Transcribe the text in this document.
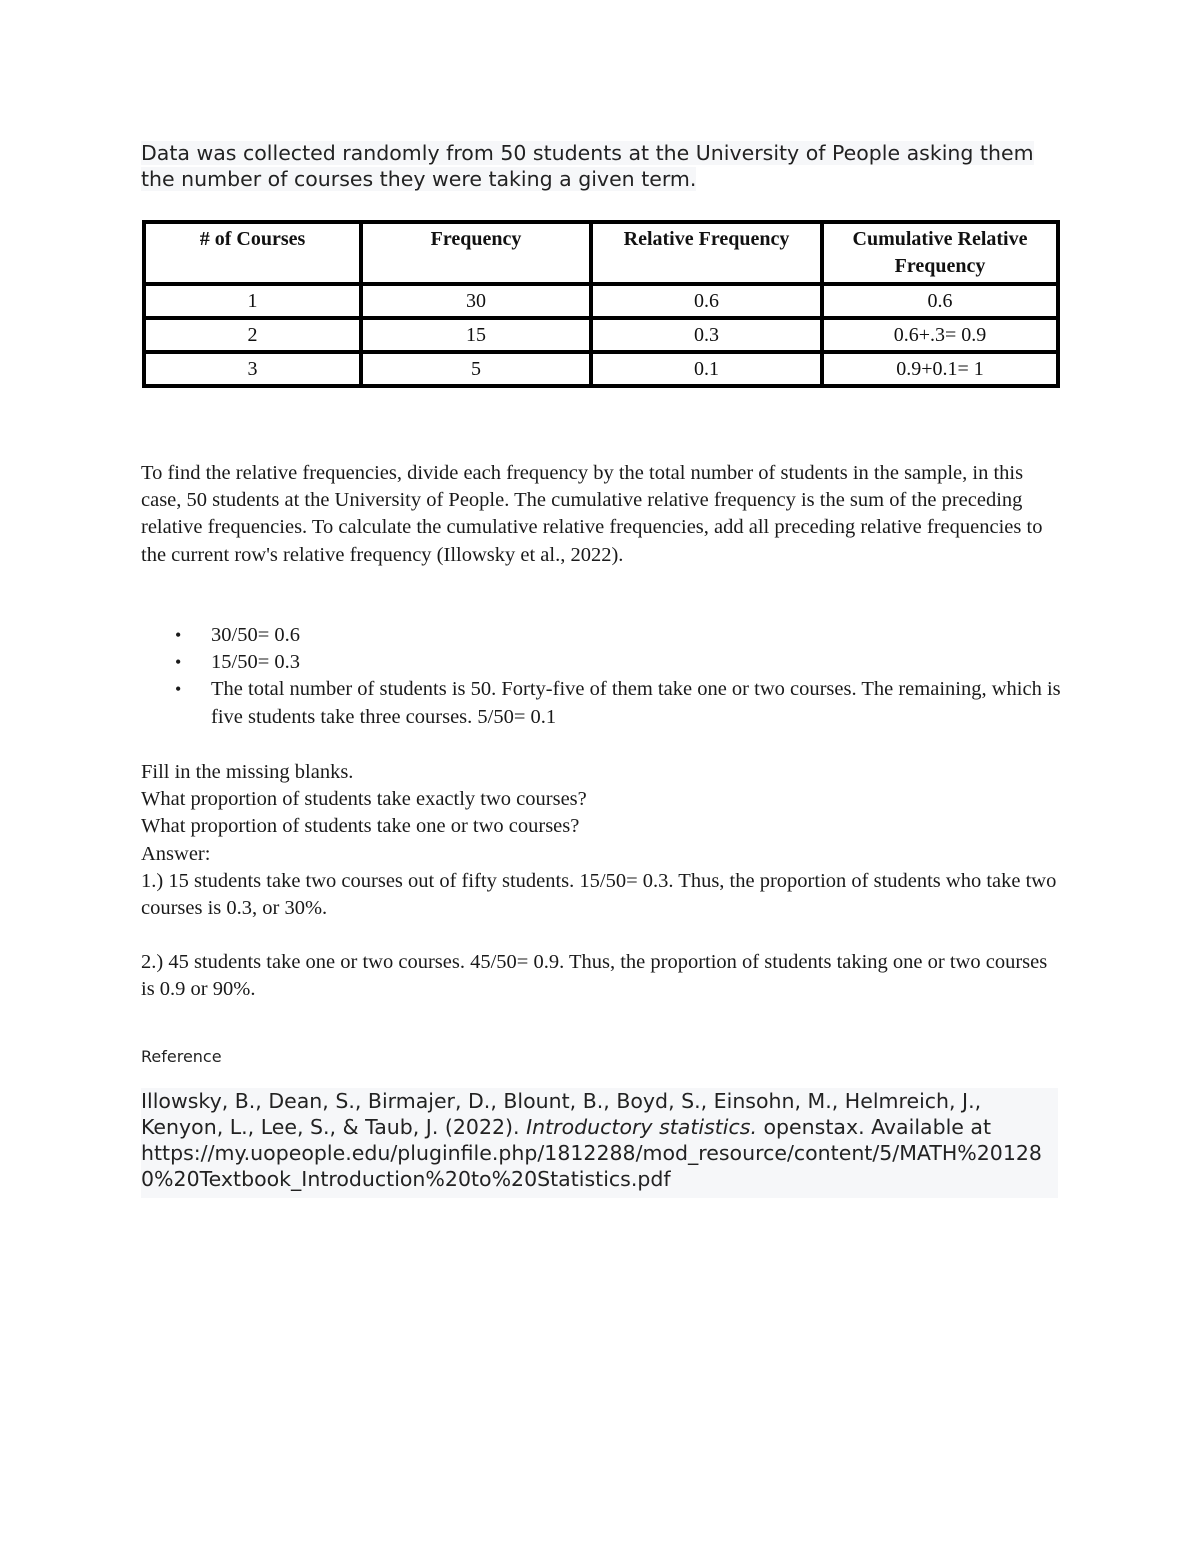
Data was collected randomly from 50 students at the University of People asking them the number of courses they were taking a given term.
# of Courses	Frequency	Relative Frequency	Cumulative Relative Frequency
1	30	0.6	0.6
2	15	0.3	0.6+.3= 0.9
3	5	0.1	0.9+0.1= 1
To find the relative frequencies, divide each frequency by the total number of students in the sample, in this case, 50 students at the University of People. The cumulative relative frequency is the sum of the preceding relative frequencies. To calculate the cumulative relative frequencies, add all preceding relative frequencies to the current row's relative frequency (Illowsky et al., 2022).
• 30/50= 0.6
• 15/50= 0.3
• The total number of students is 50. Forty-five of them take one or two courses. The remaining, which is five students take three courses. 5/50= 0.1
Fill in the missing blanks.
What proportion of students take exactly two courses?
What proportion of students take one or two courses?
Answer:
1.) 15 students take two courses out of fifty students. 15/50= 0.3. Thus, the proportion of students who take two courses is 0.3, or 30%.
2.) 45 students take one or two courses. 45/50= 0.9. Thus, the proportion of students taking one or two courses is 0.9 or 90%.
Reference
Illowsky, B., Dean, S., Birmajer, D., Blount, B., Boyd, S., Einsohn, M., Helmreich, J., Kenyon, L., Lee, S., & Taub, J. (2022). Introductory statistics. openstax. Available at
https://my.uopeople.edu/pluginfile.php/1812288/mod_resource/content/5/MATH%201280%20Textbook_Introduction%20to%20Statistics.pdf
